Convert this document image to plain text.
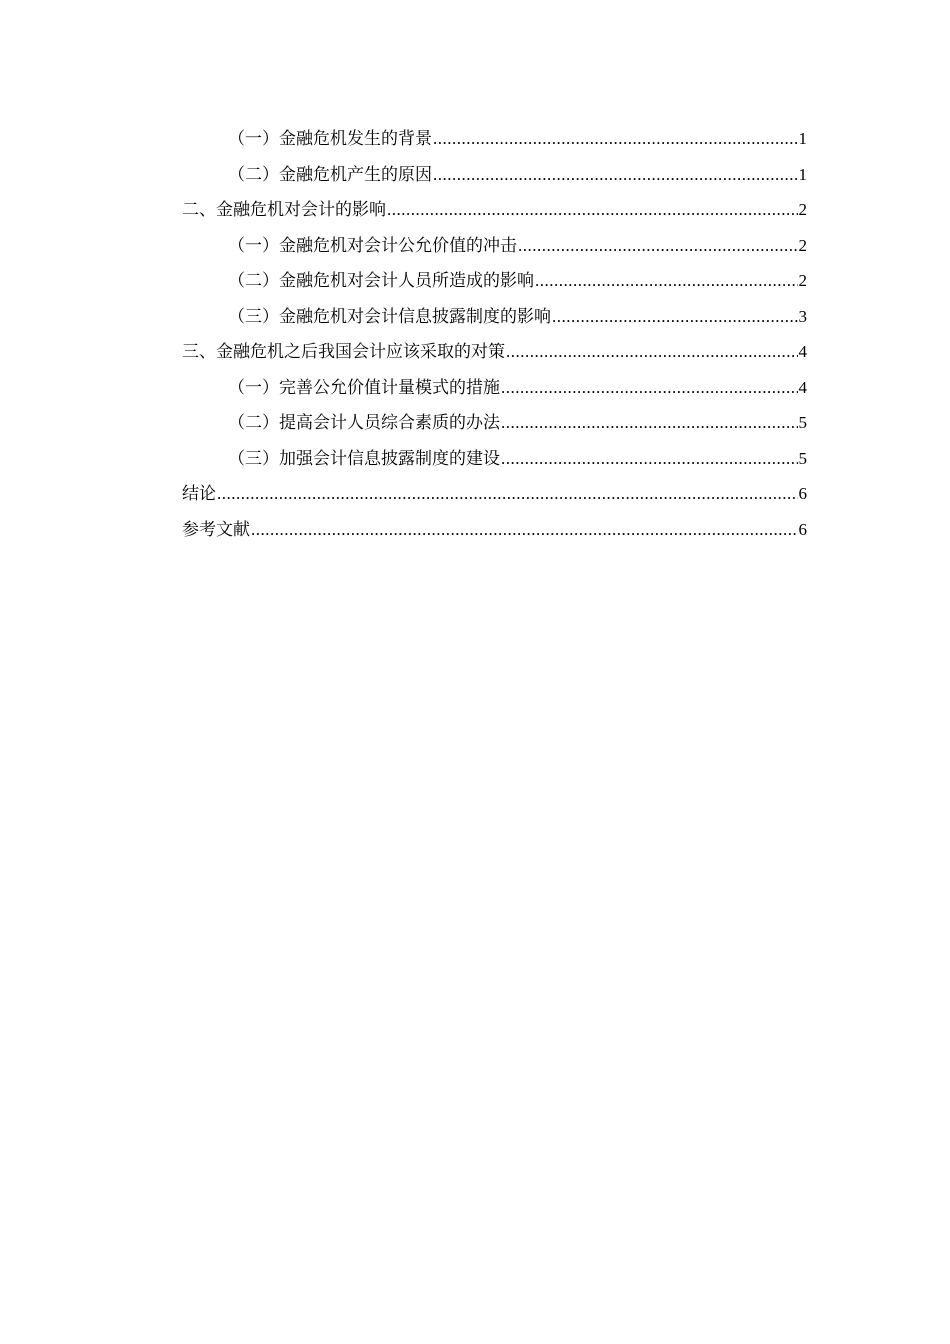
（一）金融危机发生的背景 .....	1
（二）金融危机产生的原因 .....	1
二、金融危机对会计的影响 .....	2
（一）金融危机对会计公允价值的冲击 .....	2
（二）金融危机对会计人员所造成的影响 .....	2
（三）金融危机对会计信息披露制度的影响 .....	3
三、金融危机之后我国会计应该采取的对策 .....	4
（一）完善公允价值计量模式的措施 .....	4
（二）提高会计人员综合素质的办法 .....	5
（三）加强会计信息披露制度的建设 .....	5
结论 .....	6
参考文献 .....	6
